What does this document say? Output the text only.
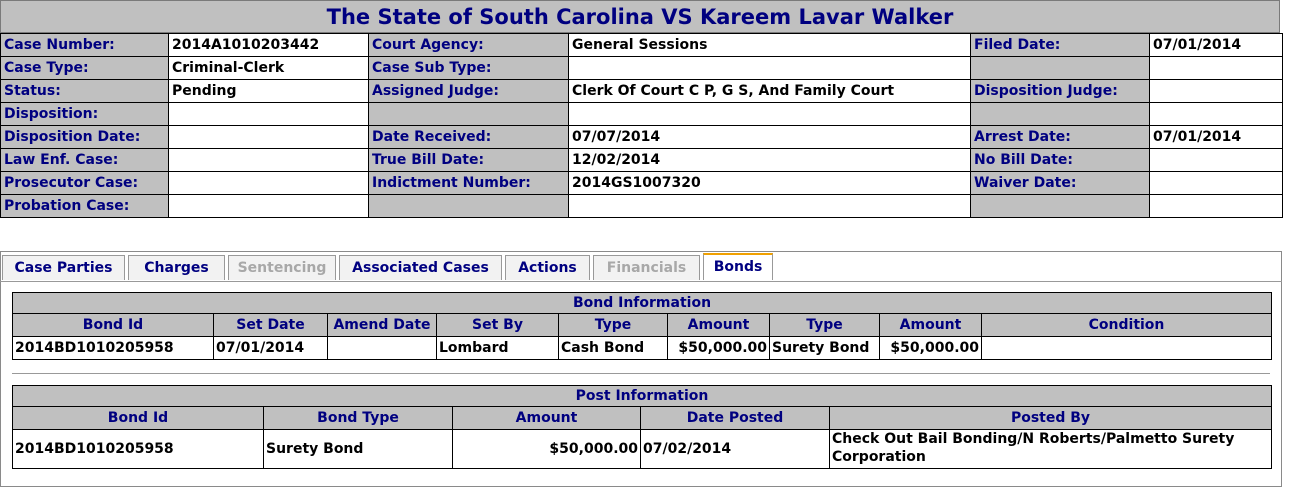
The State of South Carolina VS Kareem Lavar Walker
Case Number:	2014A1010203442	Court Agency:	General Sessions	Filed Date:	07/01/2014
Case Type:	Criminal-Clerk	Case Sub Type:			
Status:	Pending	Assigned Judge:	Clerk Of Court C P, G S, And Family Court	Disposition Judge:	
Disposition:					
Disposition Date:		Date Received:	07/07/2014	Arrest Date:	07/01/2014
Law Enf. Case:		True Bill Date:	12/02/2014	No Bill Date:	
Prosecutor Case:		Indictment Number:	2014GS1007320	Waiver Date:	
Probation Case:					
Case Parties	Charges	Sentencing	Associated Cases	Actions	Financials	Bonds
Bond Information								
Bond Id	Set Date	Amend Date	Set By	Type	Amount	Type	Amount	Condition
2014BD1010205958	07/01/2014		Lombard	Cash Bond	$50,000.00	Surety Bond	$50,000.00	
Post Information				
Bond Id	Bond Type	Amount	Date Posted	Posted By
2014BD1010205958	Surety Bond	$50,000.00	07/02/2014	Check Out Bail Bonding/N Roberts/Palmetto Surety Corporation
